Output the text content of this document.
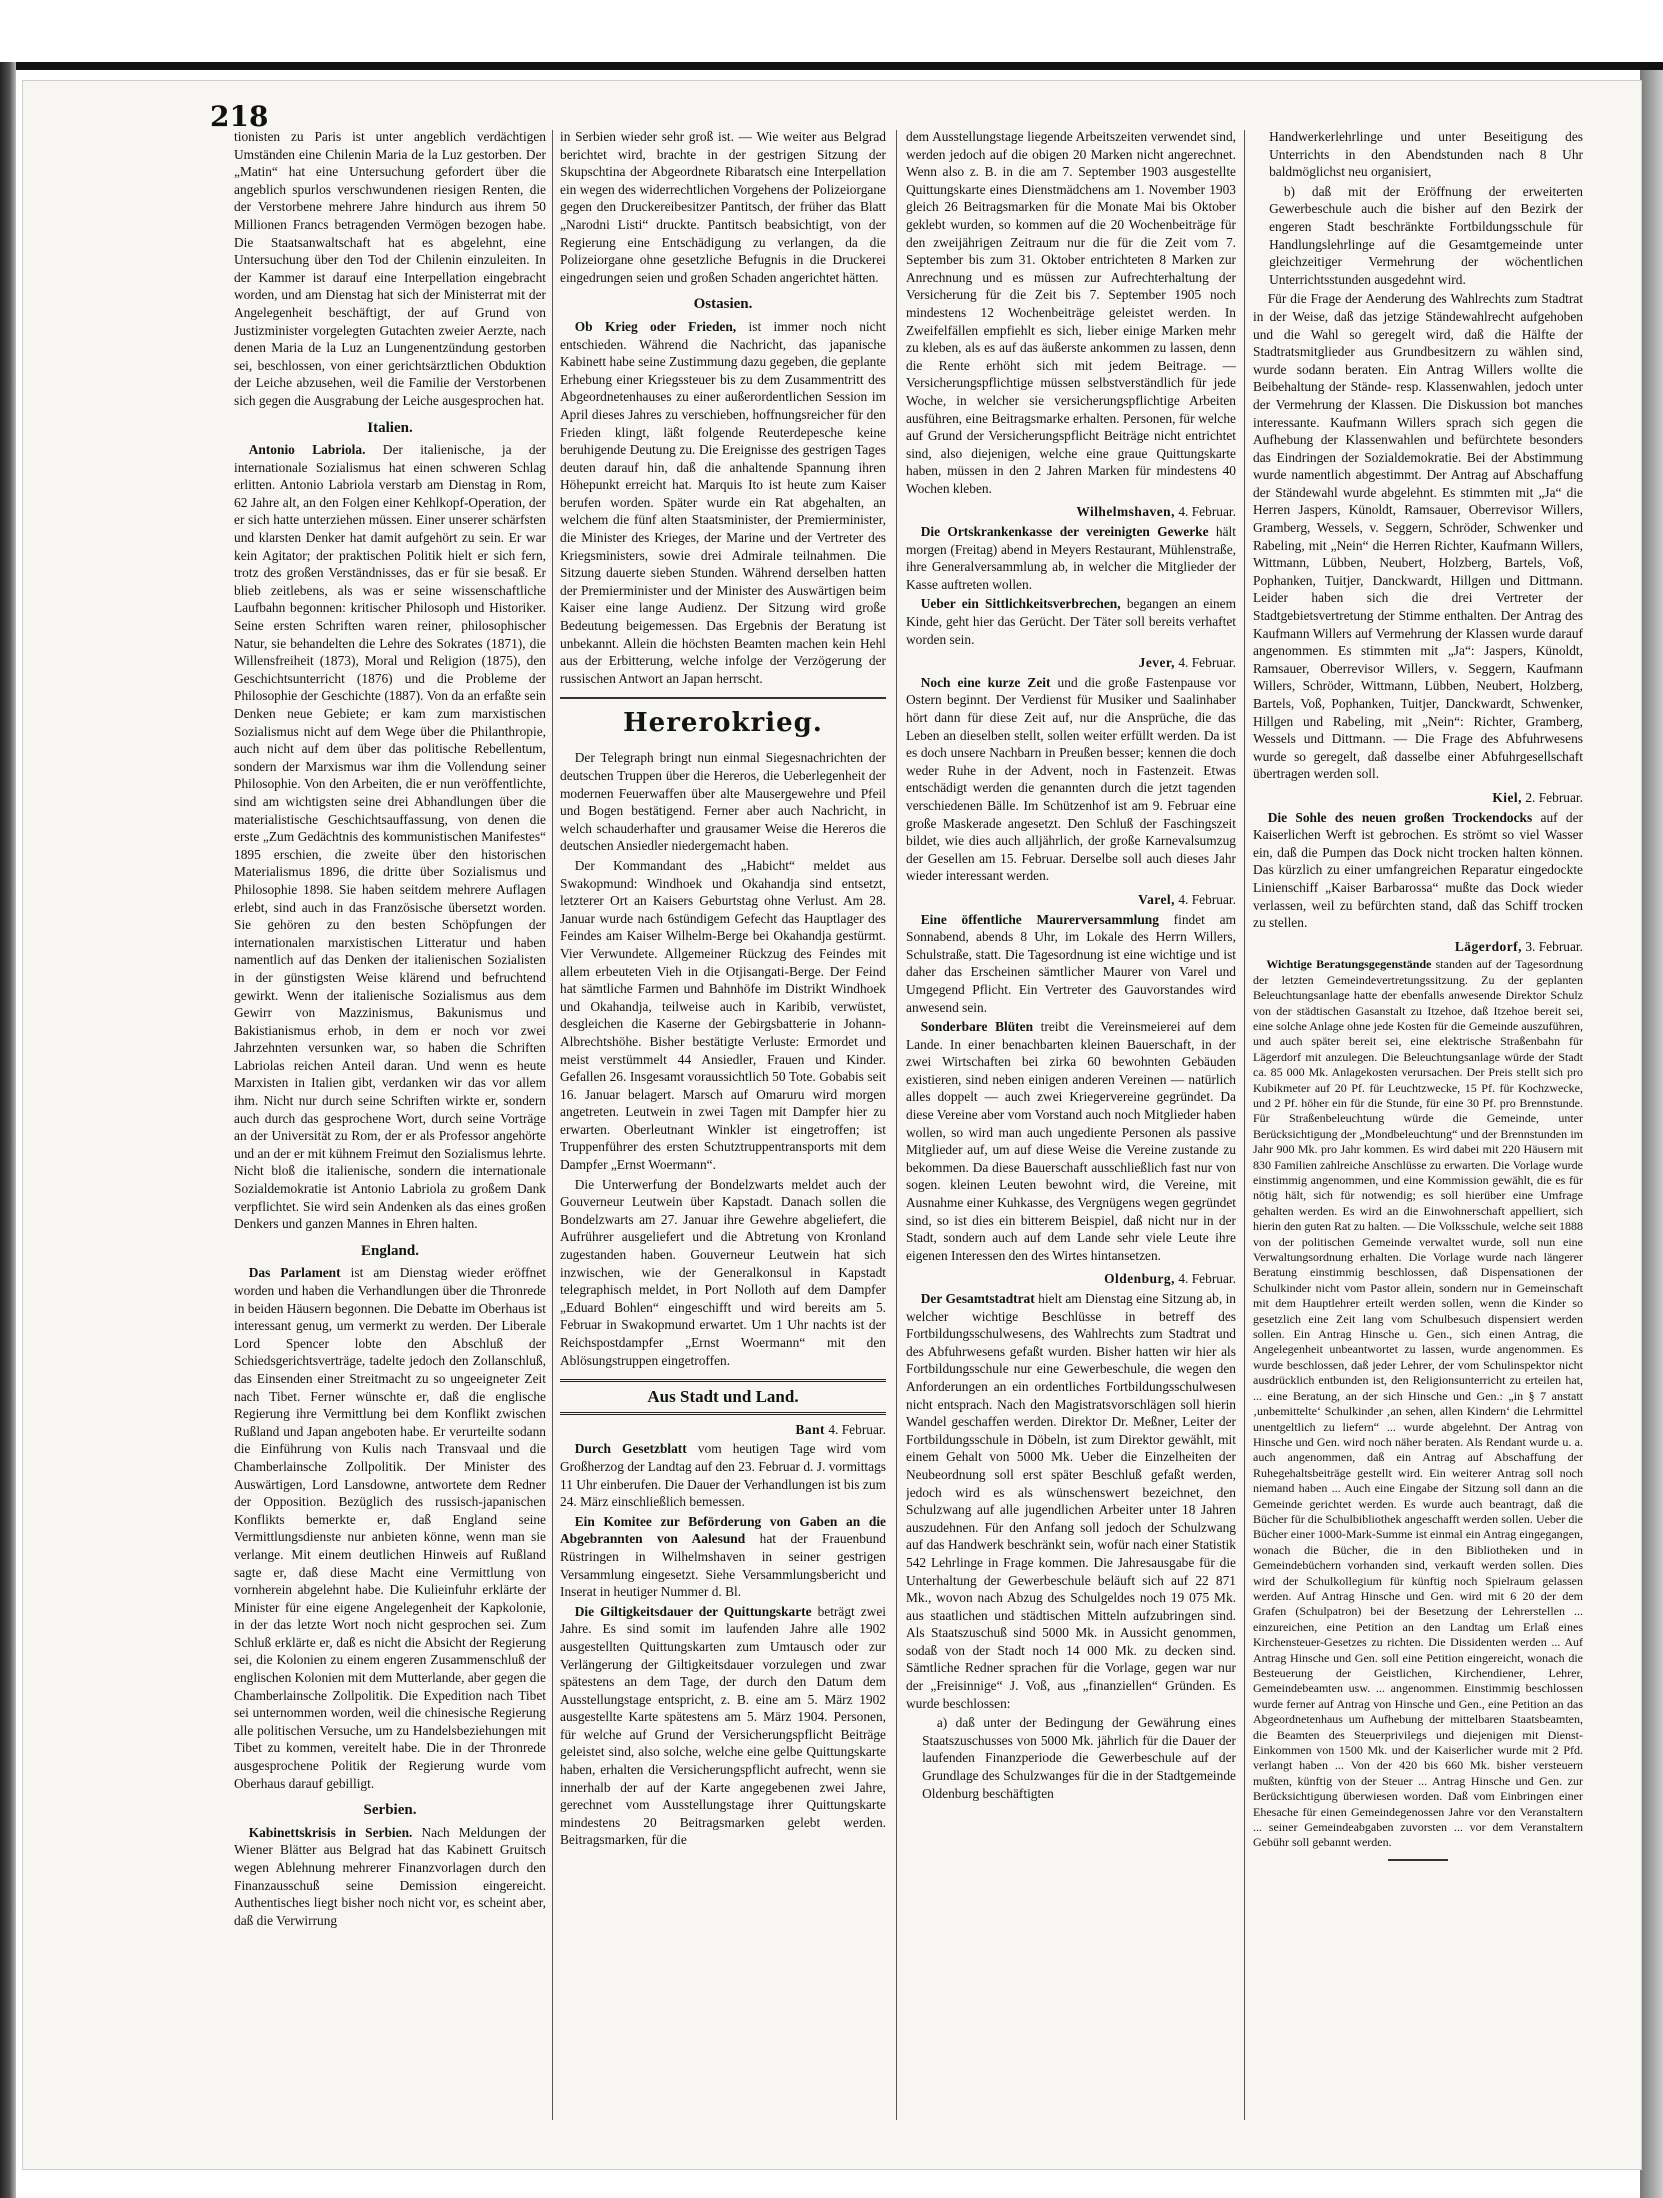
218

tionisten zu Paris ist unter angeblich verdächtigen Umständen eine Chilenin Maria de la Luz gestorben. Der „Matin“ hat eine Untersuchung gefordert über die angeblich spurlos verschwundenen riesigen Renten, die der Verstorbene mehrere Jahre hindurch aus ihrem 50 Millionen Francs betragenden Vermögen bezogen habe. Die Staatsanwaltschaft hat es abgelehnt, eine Untersuchung über den Tod der Chilenin einzuleiten. In der Kammer ist darauf eine Interpellation eingebracht worden, und am Dienstag hat sich der Ministerrat mit der Angelegenheit beschäftigt, der auf Grund von Justizminister vorgelegten Gutachten zweier Aerzte, nach denen Maria de la Luz an Lungenentzündung gestorben sei, beschlossen, von einer gerichtsärztlichen Obduktion der Leiche abzusehen, weil die Familie der Verstorbenen sich gegen die Ausgrabung der Leiche ausgesprochen hat.

Italien.

Antonio Labriola. Der italienische, ja der internationale Sozialismus hat einen schweren Schlag erlitten. Antonio Labriola verstarb am Dienstag in Rom, 62 Jahre alt, an den Folgen einer Kehlkopf-Operation, der er sich hatte unterziehen müssen. Einer unserer schärfsten und klarsten Denker hat damit aufgehört zu sein. Er war kein Agitator; der praktischen Politik hielt er sich fern, trotz des großen Verständnisses, das er für sie besaß. Er blieb zeitlebens, als was er seine wissenschaftliche Laufbahn begonnen: kritischer Philosoph und Historiker. Seine ersten Schriften waren reiner, philosophischer Natur, sie behandelten die Lehre des Sokrates (1871), die Willensfreiheit (1873), Moral und Religion (1875), den Geschichtsunterricht (1876) und die Probleme der Philosophie der Geschichte (1887). Von da an erfaßte sein Denken neue Gebiete; er kam zum marxistischen Sozialismus nicht auf dem Wege über die Philanthropie, auch nicht auf dem über das politische Rebellentum, sondern der Marxismus war ihm die Vollendung seiner Philosophie. Von den Arbeiten, die er nun veröffentlichte, sind am wichtigsten seine drei Abhandlungen über die materialistische Geschichtsauffassung, von denen die erste „Zum Gedächtnis des kommunistischen Manifestes“ 1895 erschien, die zweite über den historischen Materialismus 1896, die dritte über Sozialismus und Philosophie 1898. Sie haben seitdem mehrere Auflagen erlebt, sind auch in das Französische übersetzt worden. Sie gehören zu den besten Schöpfungen der internationalen marxistischen Litteratur und haben namentlich auf das Denken der italienischen Sozialisten in der günstigsten Weise klärend und befruchtend gewirkt. Wenn der italienische Sozialismus aus dem Gewirr von Mazzinismus, Bakunismus und Bakistianismus erhob, in dem er noch vor zwei Jahrzehnten versunken war, so haben die Schriften Labriolas reichen Anteil daran. Und wenn es heute Marxisten in Italien gibt, verdanken wir das vor allem ihm. Nicht nur durch seine Schriften wirkte er, sondern auch durch das gesprochene Wort, durch seine Vorträge an der Universität zu Rom, der er als Professor angehörte und an der er mit kühnem Freimut den Sozialismus lehrte. Nicht bloß die italienische, sondern die internationale Sozialdemokratie ist Antonio Labriola zu großem Dank verpflichtet. Sie wird sein Andenken als das eines großen Denkers und ganzen Mannes in Ehren halten.

England.

Das Parlament ist am Dienstag wieder eröffnet worden und haben die Verhandlungen über die Thronrede in beiden Häusern begonnen. Die Debatte im Oberhaus ist interessant genug, um vermerkt zu werden. Der Liberale Lord Spencer lobte den Abschluß der Schiedsgerichtsverträge, tadelte jedoch den Zollanschluß, das Einsenden einer Streitmacht zu so ungeeigneter Zeit nach Tibet. Ferner wünschte er, daß die englische Regierung ihre Vermittlung bei dem Konflikt zwischen Rußland und Japan angeboten habe. Er verurteilte sodann die Einführung von Kulis nach Transvaal und die Chamberlainsche Zollpolitik. Der Minister des Auswärtigen, Lord Lansdowne, antwortete dem Redner der Opposition. Bezüglich des russisch-japanischen Konflikts bemerkte er, daß England seine Vermittlungsdienste nur anbieten könne, wenn man sie verlange. Mit einem deutlichen Hinweis auf Rußland sagte er, daß diese Macht eine Vermittlung von vornherein abgelehnt habe. Die Kulieinfuhr erklärte der Minister für eine eigene Angelegenheit der Kapkolonie, in der das letzte Wort noch nicht gesprochen sei. Zum Schluß erklärte er, daß es nicht die Absicht der Regierung sei, die Kolonien zu einem engeren Zusammenschluß der englischen Kolonien mit dem Mutterlande, aber gegen die Chamberlainsche Zollpolitik. Die Expedition nach Tibet sei unternommen worden, weil die chinesische Regierung alle politischen Versuche, um zu Handelsbeziehungen mit Tibet zu kommen, vereitelt habe. Die in der Thronrede ausgesprochene Politik der Regierung wurde vom Oberhaus darauf gebilligt.

Serbien.

Kabinettskrisis in Serbien. Nach Meldungen der Wiener Blätter aus Belgrad hat das Kabinett Gruitsch wegen Ablehnung mehrerer Finanzvorlagen durch den Finanzausschuß seine Demission eingereicht. Authentisches liegt bisher noch nicht vor, es scheint aber, daß die Verwirrung

in Serbien wieder sehr groß ist. — Wie weiter aus Belgrad berichtet wird, brachte in der gestrigen Sitzung der Skupschtina der Abgeordnete Ribaratsch eine Interpellation ein wegen des widerrechtlichen Vorgehens der Polizeiorgane gegen den Druckereibesitzer Pantitsch, der früher das Blatt „Narodni Listi“ druckte. Pantitsch beabsichtigt, von der Regierung eine Entschädigung zu verlangen, da die Polizeiorgane ohne gesetzliche Befugnis in die Druckerei eingedrungen seien und großen Schaden angerichtet hätten.

Ostasien.

Ob Krieg oder Frieden, ist immer noch nicht entschieden. Während die Nachricht, das japanische Kabinett habe seine Zustimmung dazu gegeben, die geplante Erhebung einer Kriegssteuer bis zu dem Zusammentritt des Abgeordnetenhauses zu einer außerordentlichen Session im April dieses Jahres zu verschieben, hoffnungsreicher für den Frieden klingt, läßt folgende Reuterdepesche keine beruhigende Deutung zu. Die Ereignisse des gestrigen Tages deuten darauf hin, daß die anhaltende Spannung ihren Höhepunkt erreicht hat. Marquis Ito ist heute zum Kaiser berufen worden. Später wurde ein Rat abgehalten, an welchem die fünf alten Staatsminister, der Premierminister, die Minister des Krieges, der Marine und der Vertreter des Kriegsministers, sowie drei Admirale teilnahmen. Die Sitzung dauerte sieben Stunden. Während derselben hatten der Premierminister und der Minister des Auswärtigen beim Kaiser eine lange Audienz. Der Sitzung wird große Bedeutung beigemessen. Das Ergebnis der Beratung ist unbekannt. Allein die höchsten Beamten machen kein Hehl aus der Erbitterung, welche infolge der Verzögerung der russischen Antwort an Japan herrscht.

Hererokrieg.

Der Telegraph bringt nun einmal Siegesnachrichten der deutschen Truppen über die Hereros, die Ueberlegenheit der modernen Feuerwaffen über alte Mausergewehre und Pfeil und Bogen bestätigend. Ferner aber auch Nachricht, in welch schauderhafter und grausamer Weise die Hereros die deutschen Ansiedler niedergemacht haben.

Der Kommandant des „Habicht“ meldet aus Swakopmund: Windhoek und Okahandja sind entsetzt, letzterer Ort an Kaisers Geburtstag ohne Verlust. Am 28. Januar wurde nach 6stündigem Gefecht das Hauptlager des Feindes am Kaiser Wilhelm-Berge bei Okahandja gestürmt. Vier Verwundete. Allgemeiner Rückzug des Feindes mit allem erbeuteten Vieh in die Otjisangati-Berge. Der Feind hat sämtliche Farmen und Bahnhöfe im Distrikt Windhoek und Okahandja, teilweise auch in Karibib, verwüstet, desgleichen die Kaserne der Gebirgsbatterie in Johann-Albrechtshöhe. Bisher bestätigte Verluste: Ermordet und meist verstümmelt 44 Ansiedler, Frauen und Kinder. Gefallen 26. Insgesamt voraussichtlich 50 Tote. Gobabis seit 16. Januar belagert. Marsch auf Omaruru wird morgen angetreten. Leutwein in zwei Tagen mit Dampfer hier zu erwarten. Oberleutnant Winkler ist eingetroffen; ist Truppenführer des ersten Schutztruppentransports mit dem Dampfer „Ernst Woermann“.

Die Unterwerfung der Bondelzwarts meldet auch der Gouverneur Leutwein über Kapstadt. Danach sollen die Bondelzwarts am 27. Januar ihre Gewehre abgeliefert, die Aufrührer ausgeliefert und die Abtretung von Kronland zugestanden haben. Gouverneur Leutwein hat sich inzwischen, wie der Generalkonsul in Kapstadt telegraphisch meldet, in Port Nolloth auf dem Dampfer „Eduard Bohlen“ eingeschifft und wird bereits am 5. Februar in Swakopmund erwartet. Um 1 Uhr nachts ist der Reichspostdampfer „Ernst Woermann“ mit den Ablösungstruppen eingetroffen.

Aus Stadt und Land.
Bant 4. Februar.

Durch Gesetzblatt vom heutigen Tage wird vom Großherzog der Landtag auf den 23. Februar d. J. vormittags 11 Uhr einberufen. Die Dauer der Verhandlungen ist bis zum 24. März einschließlich bemessen.

Ein Komitee zur Beförderung von Gaben an die Abgebrannten von Aalesund hat der Frauenbund Rüstringen in Wilhelmshaven in seiner gestrigen Versammlung eingesetzt. Siehe Versammlungsbericht und Inserat in heutiger Nummer d. Bl.

Die Giltigkeitsdauer der Quittungskarte beträgt zwei Jahre. Es sind somit im laufenden Jahre alle 1902 ausgestellten Quittungskarten zum Umtausch oder zur Verlängerung der Giltigkeitsdauer vorzulegen und zwar spätestens an dem Tage, der durch den Datum dem Ausstellungstage entspricht, z. B. eine am 5. März 1902 ausgestellte Karte spätestens am 5. März 1904. Personen, für welche auf Grund der Versicherungspflicht Beiträge geleistet sind, also solche, welche eine gelbe Quittungskarte haben, erhalten die Versicherungspflicht aufrecht, wenn sie innerhalb der auf der Karte angegebenen zwei Jahre, gerechnet vom Ausstellungstage ihrer Quittungskarte mindestens 20 Beitragsmarken gelebt werden. Beitragsmarken, für die

dem Ausstellungstage liegende Arbeitszeiten verwendet sind, werden jedoch auf die obigen 20 Marken nicht angerechnet. Wenn also z. B. in die am 7. September 1903 ausgestellte Quittungskarte eines Dienstmädchens am 1. November 1903 gleich 26 Beitragsmarken für die Monate Mai bis Oktober geklebt wurden, so kommen auf die 20 Wochenbeiträge für den zweijährigen Zeitraum nur die für die Zeit vom 7. September bis zum 31. Oktober entrichteten 8 Marken zur Anrechnung und es müssen zur Aufrechterhaltung der Versicherung für die Zeit bis 7. September 1905 noch mindestens 12 Wochenbeiträge geleistet werden. In Zweifelfällen empfiehlt es sich, lieber einige Marken mehr zu kleben, als es auf das äußerste ankommen zu lassen, denn die Rente erhöht sich mit jedem Beitrage. — Versicherungspflichtige müssen selbstverständlich für jede Woche, in welcher sie versicherungspflichtige Arbeiten ausführen, eine Beitragsmarke erhalten. Personen, für welche auf Grund der Versicherungspflicht Beiträge nicht entrichtet sind, also diejenigen, welche eine graue Quittungskarte haben, müssen in den 2 Jahren Marken für mindestens 40 Wochen kleben.

Wilhelmshaven, 4. Februar.

Die Ortskrankenkasse der vereinigten Gewerke hält morgen (Freitag) abend in Meyers Restaurant, Mühlenstraße, ihre Generalversammlung ab, in welcher die Mitglieder der Kasse auftreten wollen.

Ueber ein Sittlichkeitsverbrechen, begangen an einem Kinde, geht hier das Gerücht. Der Täter soll bereits verhaftet worden sein.

Jever, 4. Februar.

Noch eine kurze Zeit und die große Fastenpause vor Ostern beginnt. Der Verdienst für Musiker und Saalinhaber hört dann für diese Zeit auf, nur die Ansprüche, die das Leben an dieselben stellt, sollen weiter erfüllt werden. Da ist es doch unsere Nachbarn in Preußen besser; kennen die doch weder Ruhe in der Advent, noch in Fastenzeit. Etwas entschädigt werden die genannten durch die jetzt tagenden verschiedenen Bälle. Im Schützenhof ist am 9. Februar eine große Maskerade angesetzt. Den Schluß der Faschingszeit bildet, wie dies auch alljährlich, der große Karnevalsumzug der Gesellen am 15. Februar. Derselbe soll auch dieses Jahr wieder interessant werden.

Varel, 4. Februar.

Eine öffentliche Maurerversammlung findet am Sonnabend, abends 8 Uhr, im Lokale des Herrn Willers, Schulstraße, statt. Die Tagesordnung ist eine wichtige und ist daher das Erscheinen sämtlicher Maurer von Varel und Umgegend Pflicht. Ein Vertreter des Gauvorstandes wird anwesend sein.

Sonderbare Blüten treibt die Vereinsmeierei auf dem Lande. In einer benachbarten kleinen Bauerschaft, in der zwei Wirtschaften bei zirka 60 bewohnten Gebäuden existieren, sind neben einigen anderen Vereinen — natürlich alles doppelt — auch zwei Kriegervereine gegründet. Da diese Vereine aber vom Vorstand auch noch Mitglieder haben wollen, so wird man auch ungediente Personen als passive Mitglieder auf, um auf diese Weise die Vereine zustande zu bekommen. Da diese Bauerschaft ausschließlich fast nur von sogen. kleinen Leuten bewohnt wird, die Vereine, mit Ausnahme einer Kuhkasse, des Vergnügens wegen gegründet sind, so ist dies ein bitterem Beispiel, daß nicht nur in der Stadt, sondern auch auf dem Lande sehr viele Leute ihre eigenen Interessen den des Wirtes hintansetzen.

Oldenburg, 4. Februar.

Der Gesamtstadtrat hielt am Dienstag eine Sitzung ab, in welcher wichtige Beschlüsse in betreff des Fortbildungsschulwesens, des Wahlrechts zum Stadtrat und des Abfuhrwesens gefaßt wurden. Bisher hatten wir hier als Fortbildungsschule nur eine Gewerbeschule, die wegen den Anforderungen an ein ordentliches Fortbildungsschulwesen nicht entsprach. Nach den Magistratsvorschlägen soll hierin Wandel geschaffen werden. Direktor Dr. Meßner, Leiter der Fortbildungsschule in Döbeln, ist zum Direktor gewählt, mit einem Gehalt von 5000 Mk. Ueber die Einzelheiten der Neubeordnung soll erst später Beschluß gefaßt werden, jedoch wird es als wünschenswert bezeichnet, den Schulzwang auf alle jugendlichen Arbeiter unter 18 Jahren auszudehnen. Für den Anfang soll jedoch der Schulzwang auf das Handwerk beschränkt sein, wofür nach einer Statistik 542 Lehrlinge in Frage kommen. Die Jahresausgabe für die Unterhaltung der Gewerbeschule beläuft sich auf 22 871 Mk., wovon nach Abzug des Schulgeldes noch 19 075 Mk. aus staatlichen und städtischen Mitteln aufzubringen sind. Als Staatszuschuß sind 5000 Mk. in Aussicht genommen, sodaß von der Stadt noch 14 000 Mk. zu decken sind. Sämtliche Redner sprachen für die Vorlage, gegen war nur der „Freisinnige“ J. Voß, aus „finanziellen“ Gründen. Es wurde beschlossen:

a) daß unter der Bedingung der Gewährung eines Staatszuschusses von 5000 Mk. jährlich für die Dauer der laufenden Finanzperiode die Gewerbeschule auf der Grundlage des Schulzwanges für die in der Stadtgemeinde Oldenburg beschäftigten

Handwerkerlehrlinge und unter Beseitigung des Unterrichts in den Abendstunden nach 8 Uhr baldmöglichst neu organisiert,

b) daß mit der Eröffnung der erweiterten Gewerbeschule auch die bisher auf den Bezirk der engeren Stadt beschränkte Fortbildungsschule für Handlungslehrlinge auf die Gesamtgemeinde unter gleichzeitiger Vermehrung der wöchentlichen Unterrichtsstunden ausgedehnt wird.

Für die Frage der Aenderung des Wahlrechts zum Stadtrat in der Weise, daß das jetzige Ständewahlrecht aufgehoben und die Wahl so geregelt wird, daß die Hälfte der Stadtratsmitglieder aus Grundbesitzern zu wählen sind, wurde sodann beraten. Ein Antrag Willers wollte die Beibehaltung der Stände- resp. Klassenwahlen, jedoch unter der Vermehrung der Klassen. Die Diskussion bot manches interessante. Kaufmann Willers sprach sich gegen die Aufhebung der Klassenwahlen und befürchtete besonders das Eindringen der Sozialdemokratie. Bei der Abstimmung wurde namentlich abgestimmt. Der Antrag auf Abschaffung der Ständewahl wurde abgelehnt. Es stimmten mit „Ja“ die Herren Jaspers, Künoldt, Ramsauer, Oberrevisor Willers, Gramberg, Wessels, v. Seggern, Schröder, Schwenker und Rabeling, mit „Nein“ die Herren Richter, Kaufmann Willers, Wittmann, Lübben, Neubert, Holzberg, Bartels, Voß, Pophanken, Tuitjer, Danckwardt, Hillgen und Dittmann. Leider haben sich die drei Vertreter der Stadtgebietsvertretung der Stimme enthalten. Der Antrag des Kaufmann Willers auf Vermehrung der Klassen wurde darauf angenommen. Es stimmten mit „Ja“: Jaspers, Künoldt, Ramsauer, Oberrevisor Willers, v. Seggern, Kaufmann Willers, Schröder, Wittmann, Lübben, Neubert, Holzberg, Bartels, Voß, Pophanken, Tuitjer, Danckwardt, Schwenker, Hillgen und Rabeling, mit „Nein“: Richter, Gramberg, Wessels und Dittmann. — Die Frage des Abfuhrwesens wurde so geregelt, daß dasselbe einer Abfuhrgesellschaft übertragen werden soll.

Kiel, 2. Februar.

Die Sohle des neuen großen Trockendocks auf der Kaiserlichen Werft ist gebrochen. Es strömt so viel Wasser ein, daß die Pumpen das Dock nicht trocken halten können. Das kürzlich zu einer umfangreichen Reparatur eingedockte Linienschiff „Kaiser Barbarossa“ mußte das Dock wieder verlassen, weil zu befürchten stand, daß das Schiff trocken zu stellen.

Lägerdorf, 3. Februar.

Wichtige Beratungsgegenstände standen auf der Tagesordnung der letzten Gemeindevertretungssitzung. Zu der geplanten Beleuchtungsanlage hatte der ebenfalls anwesende Direktor Schulz von der städtischen Gasanstalt zu Itzehoe, daß Itzehoe bereit sei, eine solche Anlage ohne jede Kosten für die Gemeinde auszuführen, und auch später bereit sei, eine elektrische Straßenbahn für Lägerdorf mit anzulegen. Die Beleuchtungsanlage würde der Stadt ca. 85 000 Mk. Anlagekosten verursachen. Der Preis stellt sich pro Kubikmeter auf 20 Pf. für Leuchtzwecke, 15 Pf. für Kochzwecke, und 2 Pf. höher ein für die Stunde, für eine 30 Pf. pro Brennstunde. Für Straßenbeleuchtung würde die Gemeinde, unter Berücksichtigung der „Mondbeleuchtung“ und der Brennstunden im Jahr 900 Mk. pro Jahr kommen. Es wird dabei mit 220 Häusern mit 830 Familien zahlreiche Anschlüsse zu erwarten. Die Vorlage wurde einstimmig angenommen, und eine Kommission gewählt, die es für nötig hält, sich für notwendig; es soll hierüber eine Umfrage gehalten werden. Es wird an die Einwohnerschaft appelliert, sich hierin den guten Rat zu halten. — Die Volksschule, welche seit 1888 von der politischen Gemeinde verwaltet wurde, soll nun eine Verwaltungsordnung erhalten. Die Vorlage wurde nach längerer Beratung einstimmig beschlossen, daß Dispensationen der Schulkinder nicht vom Pastor allein, sondern nur in Gemeinschaft mit dem Hauptlehrer erteilt werden sollen, wenn die Kinder so gesetzlich eine Zeit lang vom Schulbesuch dispensiert werden sollen. Ein Antrag Hinsche u. Gen., sich einen Antrag, die Angelegenheit unbeantwortet zu lassen, wurde angenommen. Es wurde beschlossen, daß jeder Lehrer, der vom Schulinspektor nicht ausdrücklich entbunden ist, den Religionsunterricht zu erteilen hat, ... eine Beratung, an der sich Hinsche und Gen.: „in § 7 anstatt ‚unbemittelte‘ Schulkinder ‚an sehen, allen Kindern‘ die Lehrmittel unentgeltlich zu liefern“ ... wurde abgelehnt. Der Antrag von Hinsche und Gen. wird noch näher beraten. Als Rendant wurde u. a. auch angenommen, daß ein Antrag auf Abschaffung der Ruhegehaltsbeiträge gestellt wird. Ein weiterer Antrag soll noch niemand haben ... Auch eine Eingabe der Sitzung soll dann an die Gemeinde gerichtet werden. Es wurde auch beantragt, daß die Bücher für die Schulbibliothek angeschafft werden sollen. Ueber die Bücher einer 1000-Mark-Summe ist einmal ein Antrag eingegangen, wonach die Bücher, die in den Bibliotheken und in Gemeindebüchern vorhanden sind, verkauft werden sollen. Dies wird der Schulkollegium für künftig noch Spielraum gelassen werden. Auf Antrag Hinsche und Gen. wird mit 6 20 der dem Grafen (Schulpatron) bei der Besetzung der Lehrerstellen ... einzureichen, eine Petition an den Landtag um Erlaß eines Kirchensteuer-Gesetzes zu richten. Die Dissidenten werden ... Auf Antrag Hinsche und Gen. soll eine Petition eingereicht, wonach die Besteuerung der Geistlichen, Kirchendiener, Lehrer, Gemeindebeamten usw. ... angenommen. Einstimmig beschlossen wurde ferner auf Antrag von Hinsche und Gen., eine Petition an das Abgeordnetenhaus um Aufhebung der mittelbaren Staatsbeamten, die Beamten des Steuerprivilegs und diejenigen mit Dienst-Einkommen von 1500 Mk. und der Kaiserlicher wurde mit 2 Pfd. verlangt haben ... Von der 420 bis 660 Mk. bisher versteuern mußten, künftig von der Steuer ... Antrag Hinsche und Gen. zur Berücksichtigung überwiesen worden. Daß vom Einbringen einer Ehesache für einen Gemeindegenossen Jahre vor den Veranstaltern ... seiner Gemeindeabgaben zuvorsten ... vor dem Veranstaltern Gebühr soll gebannt werden.
